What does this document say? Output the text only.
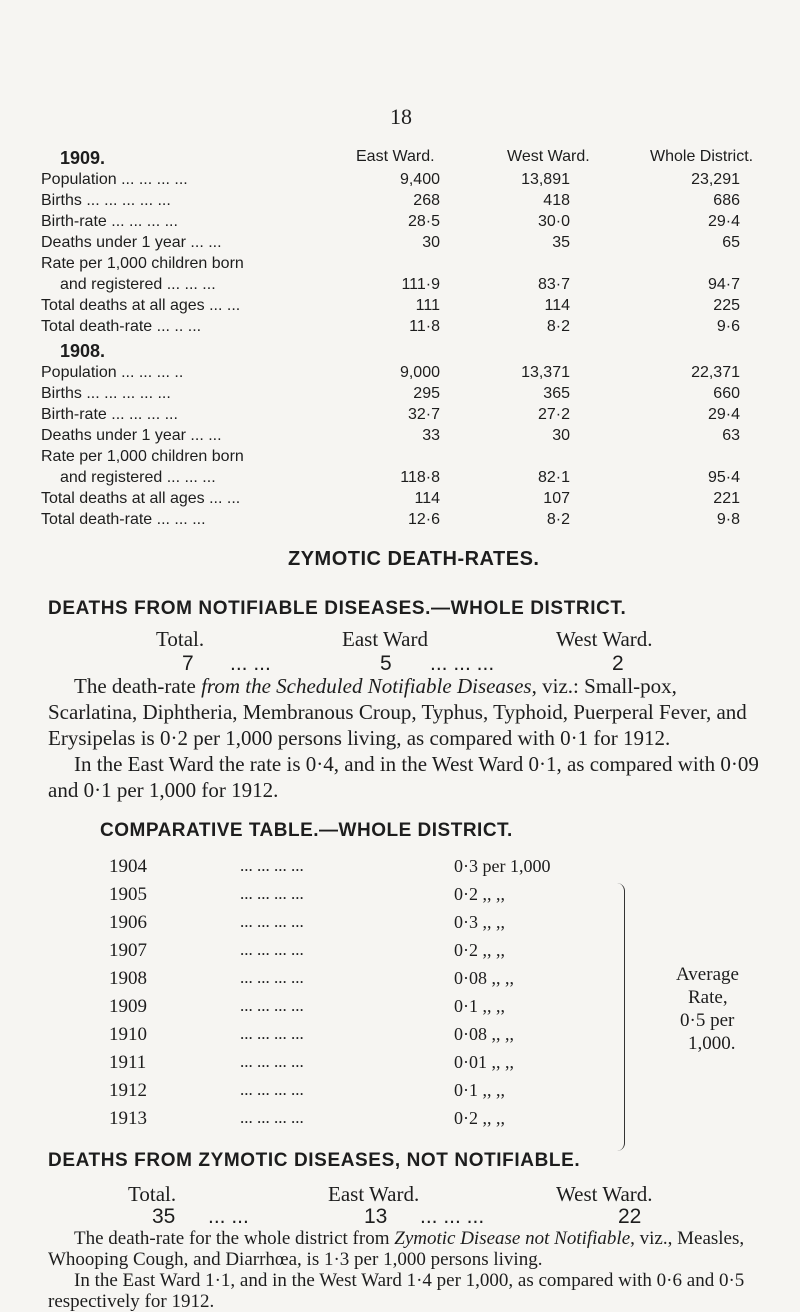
18
1909.	East Ward.	West Ward.	Whole District.
Population ... ... ... ...	9,400	13,891	23,291
Births ... ... ... ... ...	268	418	686
Birth-rate ... ... ... ...	28·5	30·0	29·4
Deaths under 1 year ... ...	30	35	65
Rate per 1,000 children born
and registered ... ... ...	111·9	83·7	94·7
Total deaths at all ages ... ...	111	114	225
Total death-rate ... .. ...	11·8	8·2	9·6
1908.
Population ... ... ... ..	9,000	13,371	22,371
Births ... ... ... ... ...	295	365	660
Birth-rate ... ... ... ...	32·7	27·2	29·4
Deaths under 1 year ... ...	33	30	63
Rate per 1,000 children born
and registered ... ... ...	118·8	82·1	95·4
Total deaths at all ages ... ...	114	107	221
Total death-rate ... ... ...	12·6	8·2	9·8
ZYMOTIC DEATH-RATES.
DEATHS FROM NOTIFIABLE DISEASES.—WHOLE DISTRICT.
Total.	East Ward	West Ward.
7 ... ...	5 ... ... ...	2

The death-rate from the Scheduled Notifiable Diseases, viz.: Small-pox, Scarlatina, Diphtheria, Membranous Croup, Typhus, Typhoid, Puerperal Fever, and Erysipelas is 0·2 per 1,000 persons living, as compared with 0·1 for 1912.

In the East Ward the rate is 0·4, and in the West Ward 0·1, as compared with 0·09 and 0·1 per 1,000 for 1912.

COMPARATIVE TABLE.—WHOLE DISTRICT.
1904	... ... ... ...	0·3 per 1,000
1905	... ... ... ...	0·2 ,, ,,
1906	... ... ... ...	0·3 ,, ,,
1907	... ... ... ...	0·2 ,, ,,
1908	... ... ... ...	0·08 ,, ,,
1909	... ... ... ...	0·1 ,, ,,
1910	... ... ... ...	0·08 ,, ,,
1911	... ... ... ...	0·01 ,, ,,
1912	... ... ... ...	0·1 ,, ,,
1913	... ... ... ...	0·2 ,, ,,
Average
Rate,
0·5 per
1,000.
DEATHS FROM ZYMOTIC DISEASES, NOT NOTIFIABLE.
Total.	East Ward.	West Ward.
35 ... ...	13 ... ... ...	22

The death-rate for the whole district from Zymotic Disease not Notifiable, viz., Measles, Whooping Cough, and Diarrhœa, is 1·3 per 1,000 persons living.

In the East Ward 1·1, and in the West Ward 1·4 per 1,000, as compared with 0·6 and 0·5 respectively for 1912.
